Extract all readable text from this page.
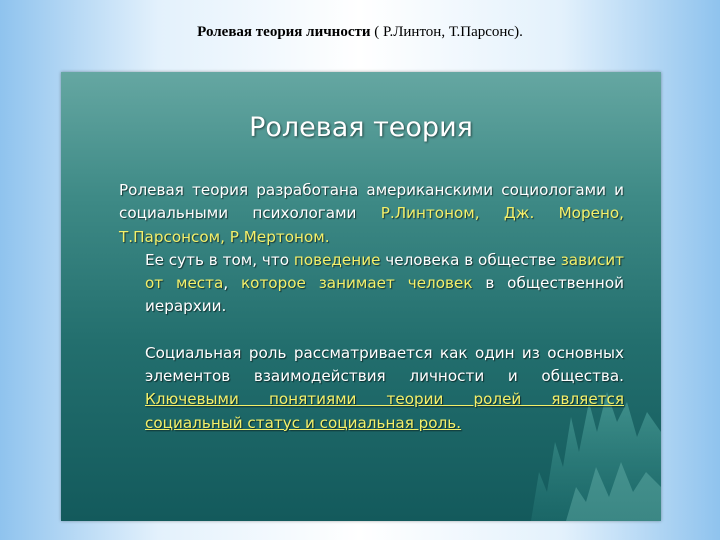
Ролевая теория личности ( Р.Линтон, Т.Парсонс).
Ролевая теория

Ролевая теория разработана американскими социологами и социальными психологами Р.Линтоном, Дж. Морено, Т.Парсонсом, Р.Мертоном.

Ее суть в том, что поведение человека в обществе зависит от места, которое занимает человек в общественной иерархии.

Социальная роль рассматривается как один из основных элементов взаимодействия личности и общества. Ключевыми понятиями теории ролей является социальный статус и социальная роль.
